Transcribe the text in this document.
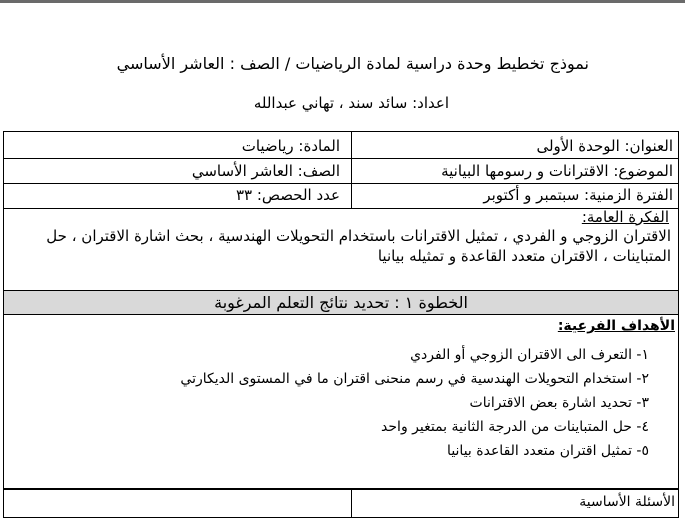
نموذج تخطيط وحدة دراسية لمادة الرياضيات / الصف : العاشر الأساسي
اعداد: سائد سند ، تهاني عبدالله
العنوان: الوحدة الأولى
المادة: رياضيات
الموضوع: الاقترانات و رسومها البيانية
الصف: العاشر الأساسي
الفترة الزمنية: سبتمبر و أكتوبر
عدد الحصص: ٣٣
الفكرة العامة:
الاقتران الزوجي و الفردي ، تمثيل الاقترانات باستخدام التحويلات الهندسية ، بحث اشارة الاقتران ، حل المتباينات ، الاقتران متعدد القاعدة و تمثيله بيانيا
الخطوة ١ : تحديد نتائج التعلم المرغوبة
الأهداف الفرعية:
١- التعرف الى الاقتران الزوجي أو الفردي
٢- استخدام التحويلات الهندسية في رسم منحنى اقتران ما في المستوى الديكارتي
٣- تحديد اشارة بعض الاقترانات
٤- حل المتباينات من الدرجة الثانية بمتغير واحد
٥- تمثيل اقتران متعدد القاعدة بيانيا
الأسئلة الأساسية
